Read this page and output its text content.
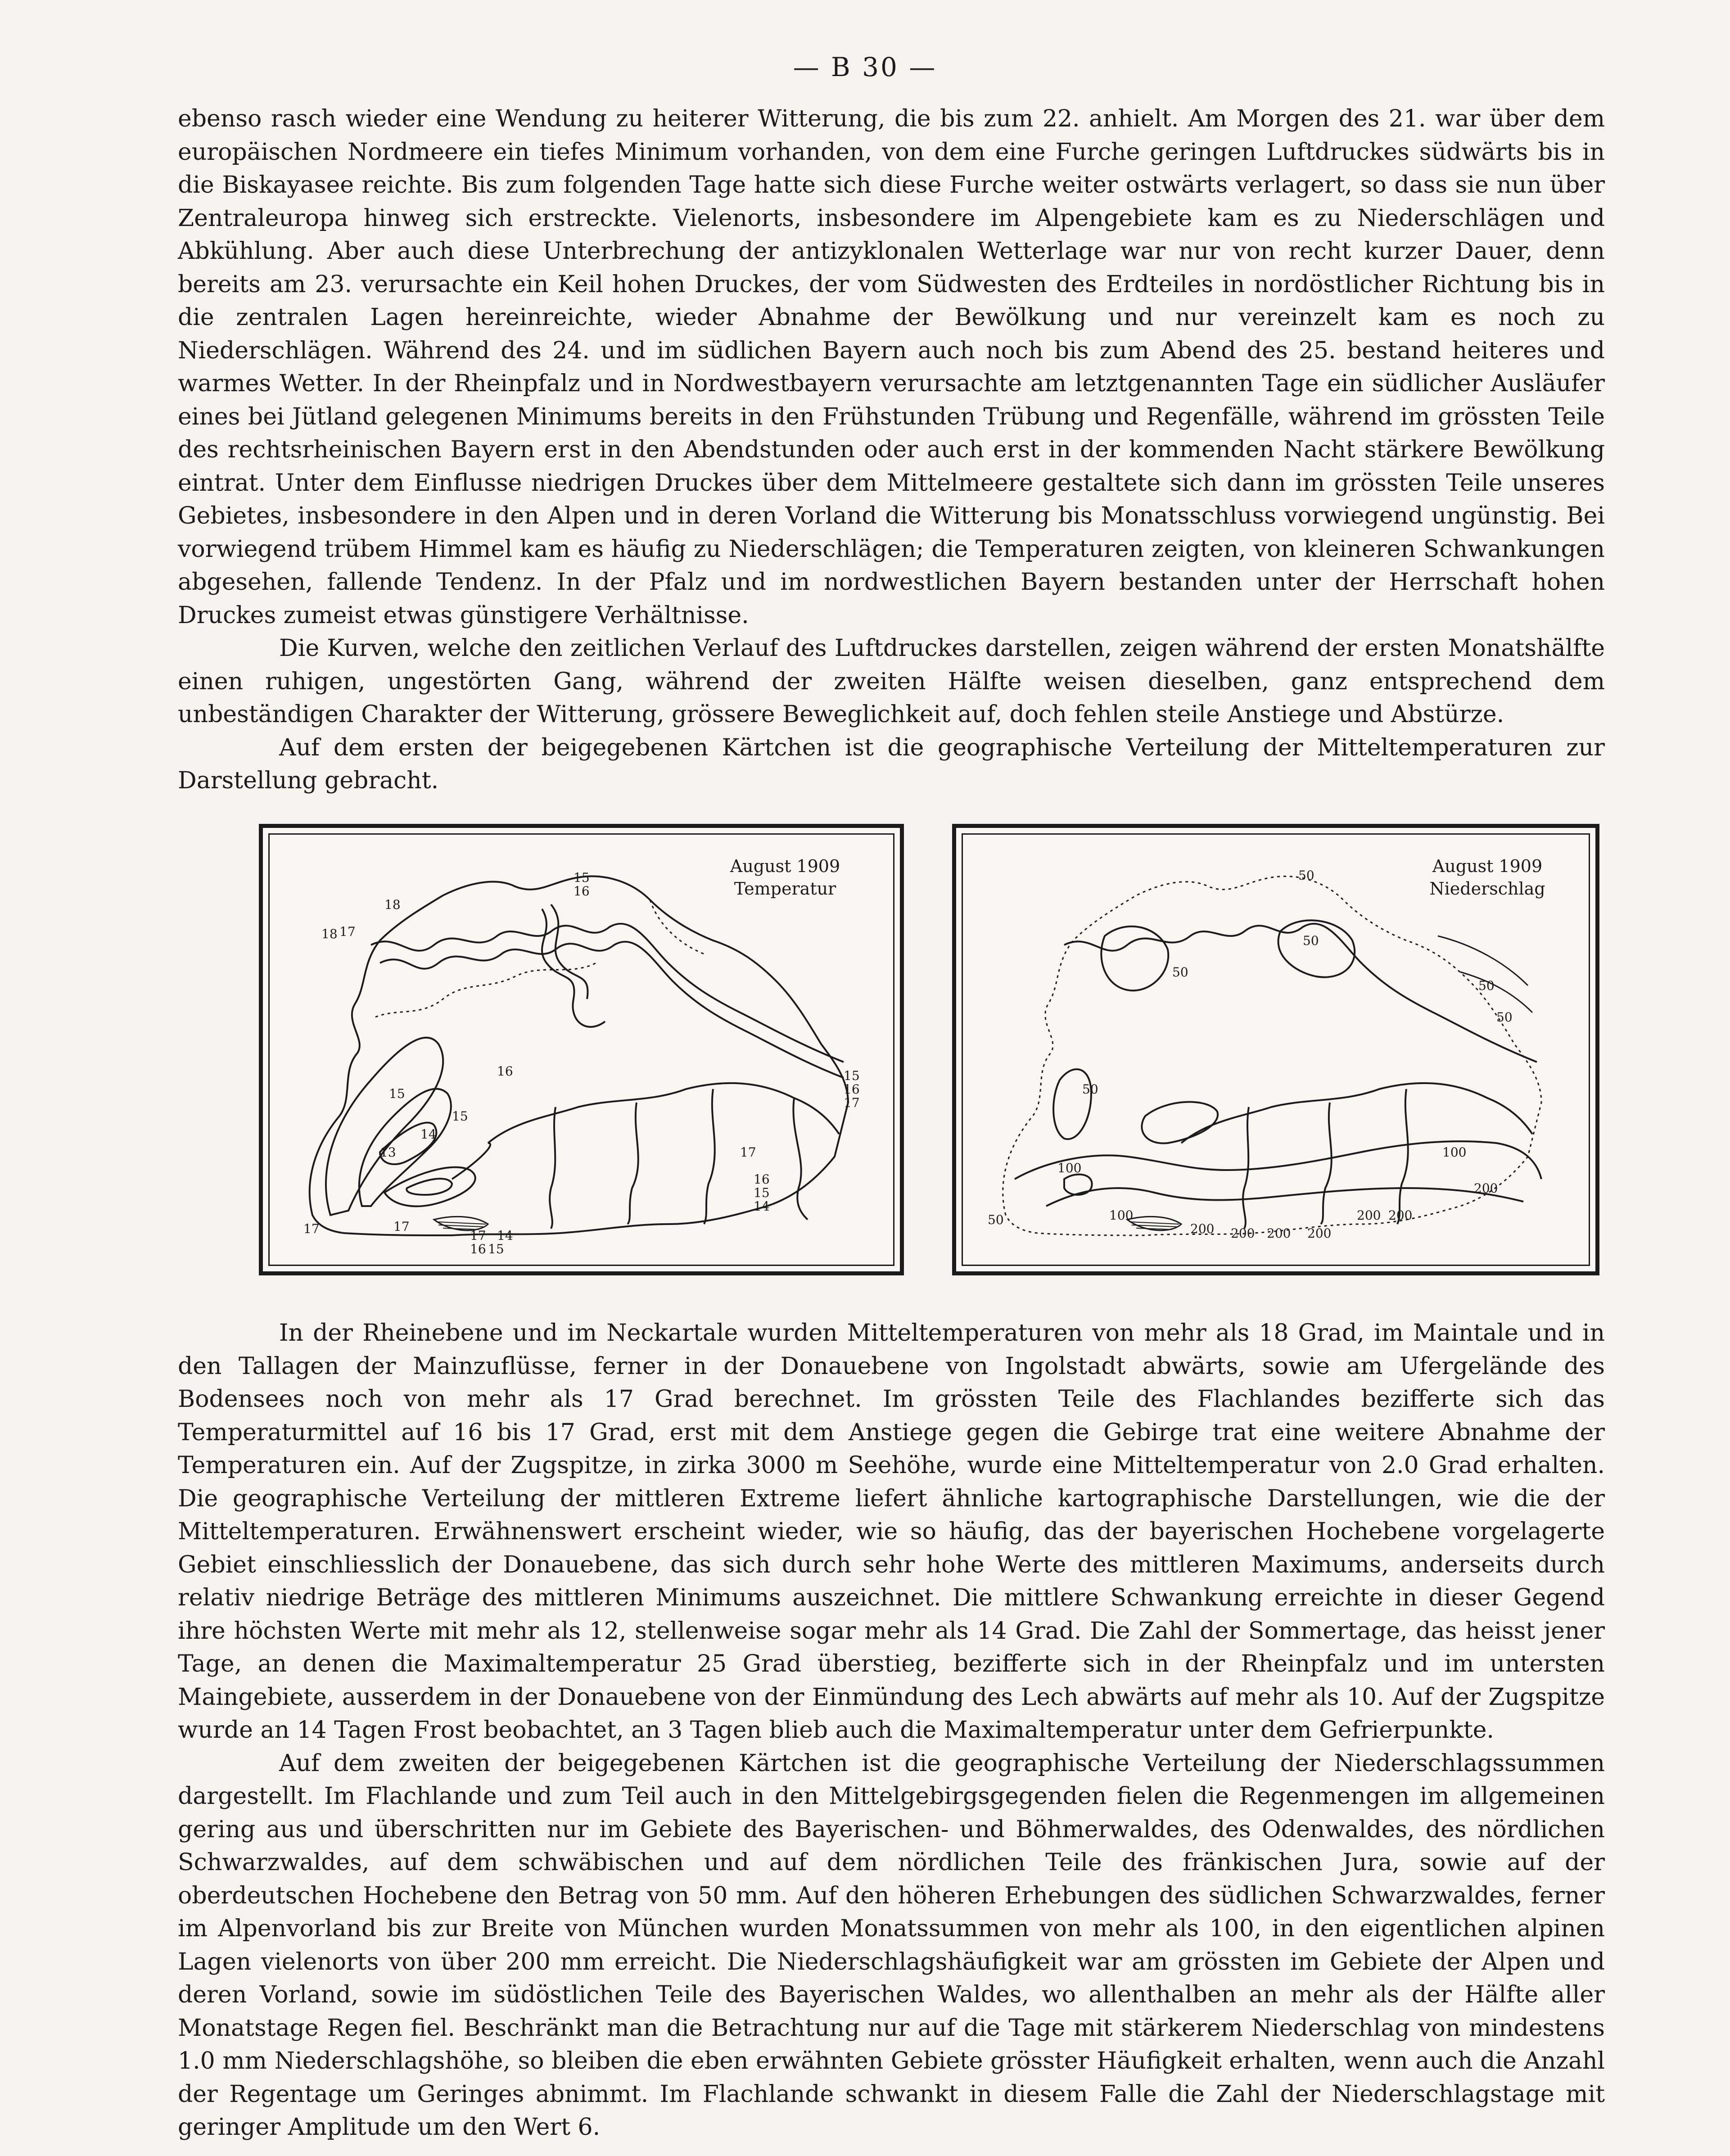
— B 30 —

ebenso rasch wieder eine Wendung zu heiterer Witterung, die bis zum 22. anhielt. Am Morgen des 21. war über dem europäischen Nordmeere ein tiefes Minimum vorhanden, von dem eine Furche geringen Luftdruckes südwärts bis in die Biskayasee reichte. Bis zum folgenden Tage hatte sich diese Furche weiter ostwärts verlagert, so dass sie nun über Zentraleuropa hinweg sich erstreckte. Vielenorts, insbesondere im Alpengebiete kam es zu Niederschlägen und Abkühlung. Aber auch diese Unterbrechung der antizyklonalen Wetterlage war nur von recht kurzer Dauer, denn bereits am 23. verursachte ein Keil hohen Druckes, der vom Südwesten des Erdteiles in nordöstlicher Richtung bis in die zentralen Lagen hereinreichte, wieder Abnahme der Bewölkung und nur vereinzelt kam es noch zu Niederschlägen. Während des 24. und im südlichen Bayern auch noch bis zum Abend des 25. bestand heiteres und warmes Wetter. In der Rheinpfalz und in Nordwestbayern verursachte am letztgenannten Tage ein südlicher Ausläufer eines bei Jütland gelegenen Minimums bereits in den Frühstunden Trübung und Regenfälle, während im grössten Teile des rechtsrheinischen Bayern erst in den Abendstunden oder auch erst in der kommenden Nacht stärkere Bewölkung eintrat. Unter dem Einflusse niedrigen Druckes über dem Mittelmeere gestaltete sich dann im grössten Teile unseres Gebietes, insbesondere in den Alpen und in deren Vorland die Witterung bis Monatsschluss vorwiegend ungünstig. Bei vorwiegend trübem Himmel kam es häufig zu Niederschlägen; die Temperaturen zeigten, von kleineren Schwankungen abgesehen, fallende Tendenz. In der Pfalz und im nordwestlichen Bayern bestanden unter der Herrschaft hohen Druckes zumeist etwas günstigere Verhältnisse.

Die Kurven, welche den zeitlichen Verlauf des Luftdruckes darstellen, zeigen während der ersten Monatshälfte einen ruhigen, ungestörten Gang, während der zweiten Hälfte weisen dieselben, ganz entsprechend dem unbeständigen Charakter der Witterung, grössere Beweglichkeit auf, doch fehlen steile Anstiege und Abstürze.

Auf dem ersten der beigegebenen Kärtchen ist die geographische Verteilung der Mitteltemperaturen zur Darstellung gebracht.

17
18
18
15
16
16
15
15
14
13
15
16
17
17
16
15
14
17	17
17
16 15
14
August 1909
Temperatur
50
50
50
50
50
50
100
100
100
200
200 200 200 200
200 200
50
August 1909
Niederschlag

In der Rheinebene und im Neckartale wurden Mitteltemperaturen von mehr als 18 Grad, im Maintale und in den Tallagen der Mainzuflüsse, ferner in der Donauebene von Ingolstadt abwärts, sowie am Ufergelände des Bodensees noch von mehr als 17 Grad berechnet. Im grössten Teile des Flachlandes bezifferte sich das Temperaturmittel auf 16 bis 17 Grad, erst mit dem Anstiege gegen die Gebirge trat eine weitere Abnahme der Temperaturen ein. Auf der Zugspitze, in zirka 3000 m Seehöhe, wurde eine Mitteltemperatur von 2.0 Grad erhalten. Die geographische Verteilung der mittleren Extreme liefert ähnliche kartographische Darstellungen, wie die der Mitteltemperaturen. Erwähnenswert erscheint wieder, wie so häufig, das der bayerischen Hochebene vorgelagerte Gebiet einschliesslich der Donauebene, das sich durch sehr hohe Werte des mittleren Maximums, anderseits durch relativ niedrige Beträge des mittleren Minimums auszeichnet. Die mittlere Schwankung erreichte in dieser Gegend ihre höchsten Werte mit mehr als 12, stellenweise sogar mehr als 14 Grad. Die Zahl der Sommertage, das heisst jener Tage, an denen die Maximaltemperatur 25 Grad überstieg, bezifferte sich in der Rheinpfalz und im untersten Maingebiete, ausserdem in der Donauebene von der Einmündung des Lech abwärts auf mehr als 10. Auf der Zugspitze wurde an 14 Tagen Frost beobachtet, an 3 Tagen blieb auch die Maximaltemperatur unter dem Gefrierpunkte.

Auf dem zweiten der beigegebenen Kärtchen ist die geographische Verteilung der Niederschlagssummen dargestellt. Im Flachlande und zum Teil auch in den Mittelgebirgsgegenden fielen die Regenmengen im allgemeinen gering aus und überschritten nur im Gebiete des Bayerischen- und Böhmerwaldes, des Odenwaldes, des nördlichen Schwarzwaldes, auf dem schwäbischen und auf dem nördlichen Teile des fränkischen Jura, sowie auf der oberdeutschen Hochebene den Betrag von 50 mm. Auf den höheren Erhebungen des südlichen Schwarzwaldes, ferner im Alpenvorland bis zur Breite von München wurden Monatssummen von mehr als 100, in den eigentlichen alpinen Lagen vielenorts von über 200 mm erreicht. Die Niederschlagshäufigkeit war am grössten im Gebiete der Alpen und deren Vorland, sowie im südöstlichen Teile des Bayerischen Waldes, wo allenthalben an mehr als der Hälfte aller Monatstage Regen fiel. Beschränkt man die Betrachtung nur auf die Tage mit stärkerem Niederschlag von mindestens 1.0 mm Niederschlagshöhe, so bleiben die eben erwähnten Gebiete grösster Häufigkeit erhalten, wenn auch die Anzahl der Regentage um Geringes abnimmt. Im Flachlande schwankt in diesem Falle die Zahl der Niederschlagstage mit geringer Amplitude um den Wert 6.
